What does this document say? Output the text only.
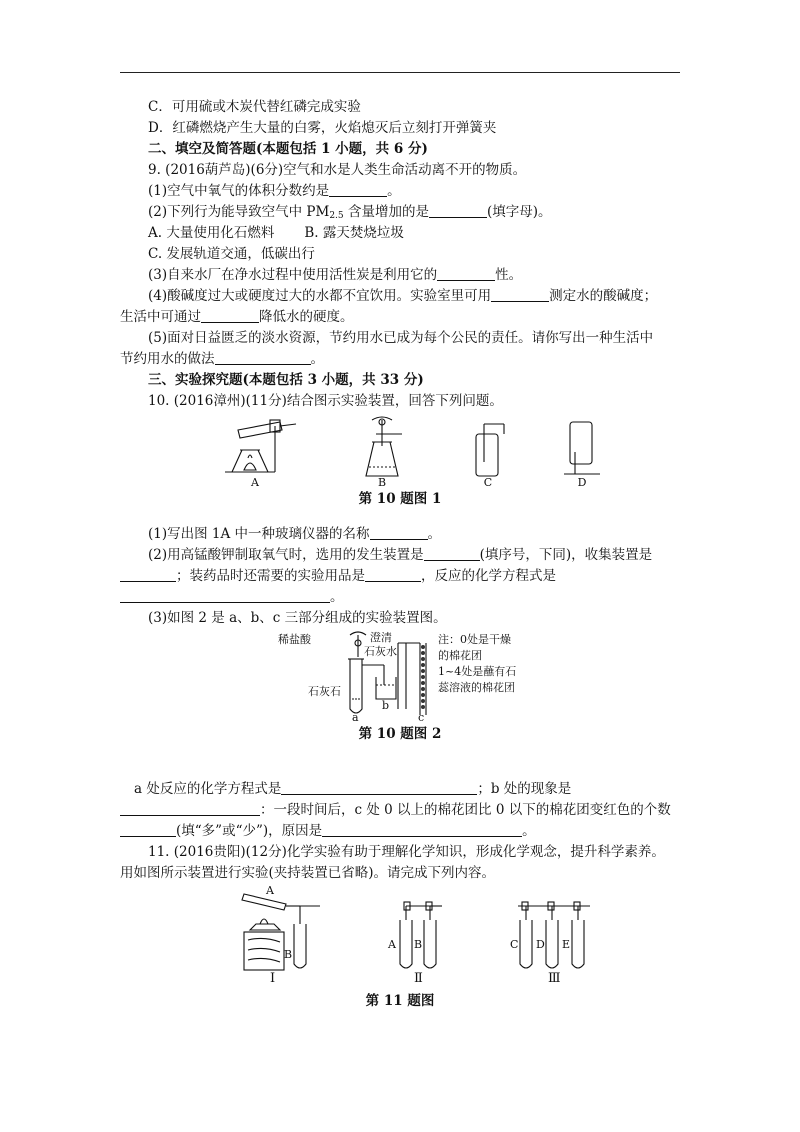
C．可用硫或木炭代替红磷完成实验
D．红磷燃烧产生大量的白雾，火焰熄灭后立刻打开弹簧夹
二、填空及简答题(本题包括 1 小题，共 6 分)
9. (2016葫芦岛)(6分)空气和水是人类生命活动离不开的物质。
(1)空气中氧气的体积分数约是	。
(2)下列行为能导致空气中 $PM_{2.5}$ 含量增加的是	(填字母)。
A. 大量使用化石燃料 B. 露天焚烧垃圾
C. 发展轨道交通，低碳出行
(3)自来水厂在净水过程中使用活性炭是利用它的	性。
(4)酸碱度过大或硬度过大的水都不宜饮用。实验室里可用	测定水的酸碱度；
生活中可通过	降低水的硬度。
(5)面对日益匮乏的淡水资源，节约用水已成为每个公民的责任。请你写出一种生活中
节约用水的做法	。
三、实验探究题(本题包括 3 小题，共 33 分)
10. (2016漳州)(11分)结合图示实验装置，回答下列问题。
A	B	C	D
第 10 题图 1
(1)写出图 1A 中一种玻璃仪器的名称	。
(2)用高锰酸钾制取氧气时，选用的发生装置是	(填序号，下同)，收集装置是
；装药品时还需要的实验用品是	，反应的化学方程式是
。
(3)如图 2 是 a、b、c 三部分组成的实验装置图。
稀盐酸	澄清
石灰水
石灰石
a
b
c
注：0处是干燥
的棉花团
1~4处是蘸有石
蕊溶液的棉花团
第 10 题图 2
a 处反应的化学方程式是	；b 处的现象是
：一段时间后，c 处 0 以上的棉花团比 0 以下的棉花团变红色的个数
(填“多”或“少”)，原因是	。
11. (2016贵阳)(12分)化学实验有助于理解化学知识，形成化学观念，提升科学素养。
用如图所示装置进行实验(夹持装置已省略)。请完成下列内容。
A
B
A B	C D E
Ⅰ	Ⅱ	Ⅲ
第 11 题图
